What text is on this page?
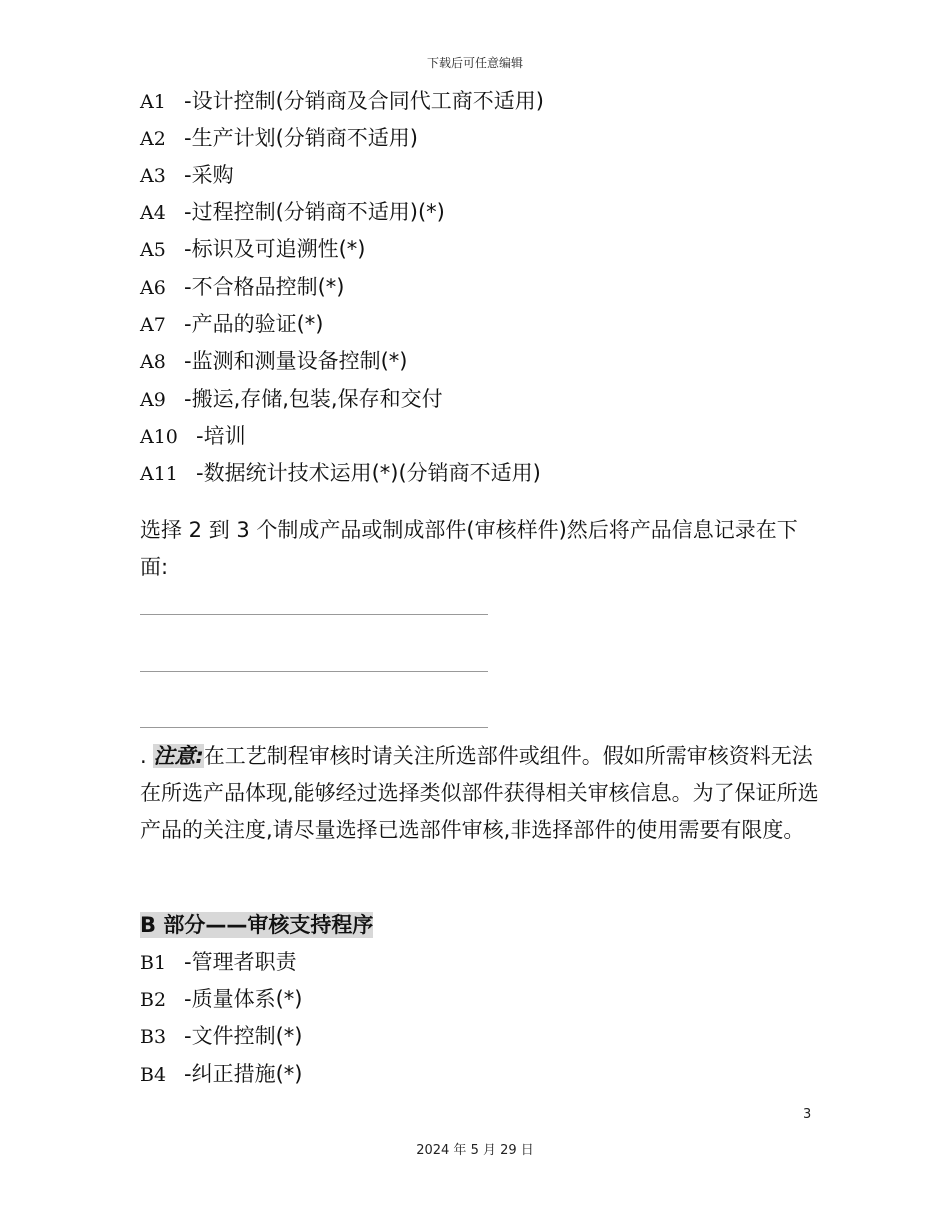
下载后可任意编辑
A1 -设计控制(分销商及合同代工商不适用)
A2 -生产计划(分销商不适用)
A3 -采购
A4 -过程控制(分销商不适用)(*)
A5 -标识及可追溯性(*)
A6 -不合格品控制(*)
A7 -产品的验证(*)
A8 -监测和测量设备控制(*)
A9 -搬运,存储,包装,保存和交付
A10 -培训
A11 -数据统计技术运用(*)(分销商不适用)
选择 2 到 3 个制成产品或制成部件(审核样件)然后将产品信息记录在下面:
. 注意:在工艺制程审核时请关注所选部件或组件。假如所需审核资料无法在所选产品体现,能够经过选择类似部件获得相关审核信息。为了保证所选产品的关注度,请尽量选择已选部件审核,非选择部件的使用需要有限度。
B 部分——审核支持程序
B1 -管理者职责
B2 -质量体系(*)
B3 -文件控制(*)
B4 -纠正措施(*)
3
2024 年 5 月 29 日
